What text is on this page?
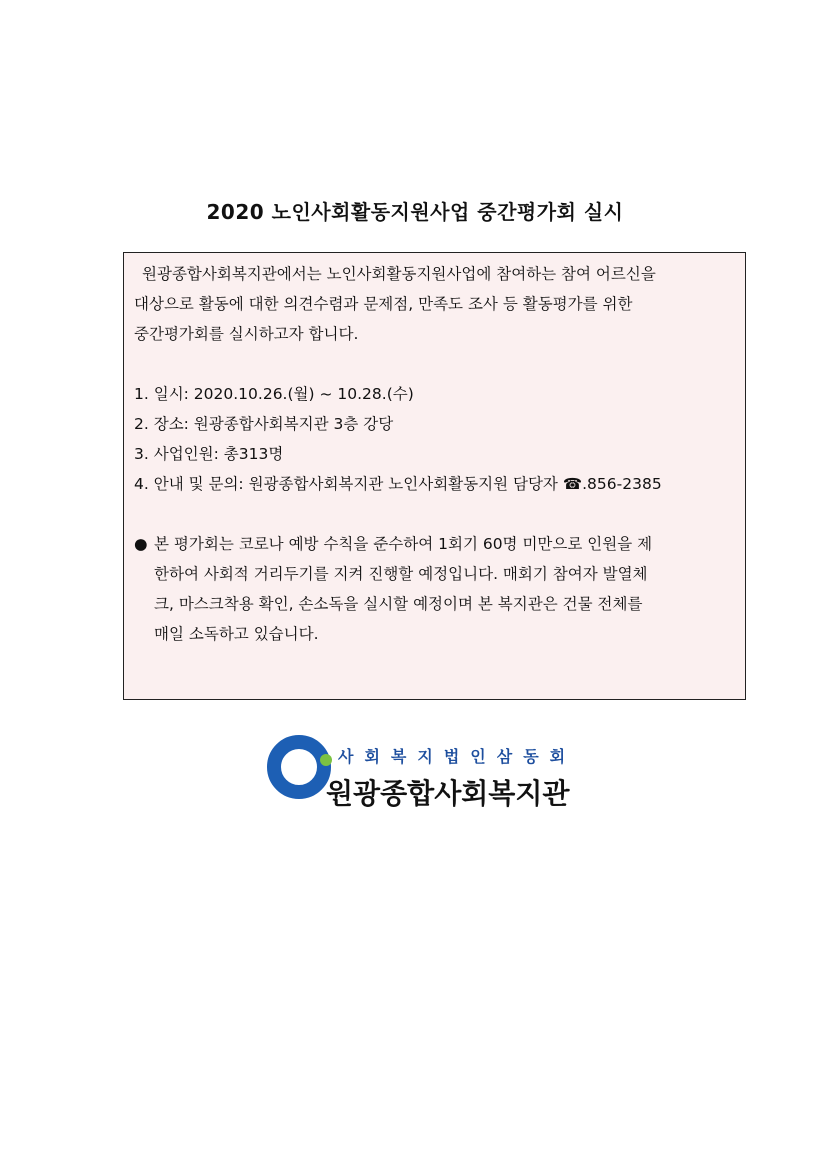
2020 노인사회활동지원사업 중간평가회 실시
원광종합사회복지관에서는 노인사회활동지원사업에 참여하는 참여 어르신을
대상으로 활동에 대한 의견수렴과 문제점, 만족도 조사 등 활동평가를 위한
중간평가회를 실시하고자 합니다.
1. 일시: 2020.10.26.(월) ~ 10.28.(수)
2. 장소: 원광종합사회복지관 3층 강당
3. 사업인원: 총313명
4. 안내 및 문의: 원광종합사회복지관 노인사회활동지원 담당자 ☎.856-2385
● 본 평가회는 코로나 예방 수칙을 준수하여 1회기 60명 미만으로 인원을 제
한하여 사회적 거리두기를 지켜 진행할 예정입니다. 매회기 참여자 발열체
크, 마스크착용 확인, 손소독을 실시할 예정이며 본 복지관은 건물 전체를
매일 소독하고 있습니다.
사회복지법인삼동회
원광종합사회복지관
